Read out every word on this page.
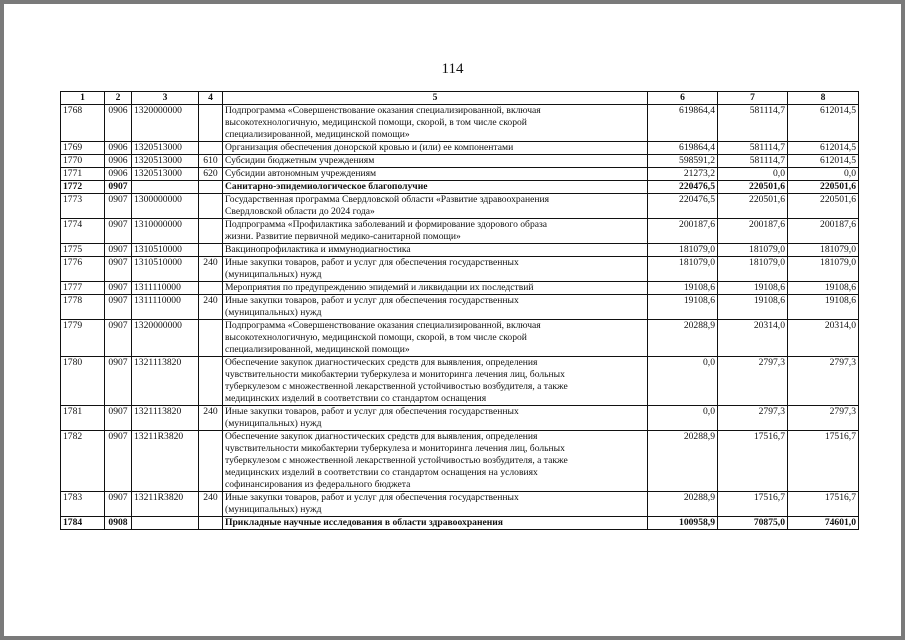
114
1	2	3	4	5	6	7	8
1768	0906	1320000000		Подпрограмма «Совершенствование оказания специализированной, включая
высокотехнологичную, медицинской помощи, скорой, в том числе скорой
специализированной, медицинской помощи»	619864,4	581114,7	612014,5
1769	0906	1320513000		Организация обеспечения донорской кровью и (или) ее компонентами	619864,4	581114,7	612014,5
1770	0906	1320513000	610	Субсидии бюджетным учреждениям	598591,2	581114,7	612014,5
1771	0906	1320513000	620	Субсидии автономным учреждениям	21273,2	0,0	0,0
1772	0907			Санитарно-эпидемиологическое благополучие	220476,5	220501,6	220501,6
1773	0907	1300000000		Государственная программа Свердловской области «Развитие здравоохранения
Свердловской области до 2024 года»	220476,5	220501,6	220501,6
1774	0907	1310000000		Подпрограмма «Профилактика заболеваний и формирование здорового образа
жизни. Развитие первичной медико-санитарной помощи»	200187,6	200187,6	200187,6
1775	0907	1310510000		Вакцинопрофилактика и иммунодиагностика	181079,0	181079,0	181079,0
1776	0907	1310510000	240	Иные закупки товаров, работ и услуг для обеспечения государственных
(муниципальных) нужд	181079,0	181079,0	181079,0
1777	0907	1311110000		Мероприятия по предупреждению эпидемий и ликвидации их последствий	19108,6	19108,6	19108,6
1778	0907	1311110000	240	Иные закупки товаров, работ и услуг для обеспечения государственных
(муниципальных) нужд	19108,6	19108,6	19108,6
1779	0907	1320000000		Подпрограмма «Совершенствование оказания специализированной, включая
высокотехнологичную, медицинской помощи, скорой, в том числе скорой
специализированной, медицинской помощи»	20288,9	20314,0	20314,0
1780	0907	1321113820		Обеспечение закупок диагностических средств для выявления, определения
чувствительности микобактерии туберкулеза и мониторинга лечения лиц, больных
туберкулезом с множественной лекарственной устойчивостью возбудителя, а также
медицинских изделий в соответствии со стандартом оснащения	0,0	2797,3	2797,3
1781	0907	1321113820	240	Иные закупки товаров, работ и услуг для обеспечения государственных
(муниципальных) нужд	0,0	2797,3	2797,3
1782	0907	13211R3820		Обеспечение закупок диагностических средств для выявления, определения
чувствительности микобактерии туберкулеза и мониторинга лечения лиц, больных
туберкулезом с множественной лекарственной устойчивостью возбудителя, а также
медицинских изделий в соответствии со стандартом оснащения на условиях
софинансирования из федерального бюджета	20288,9	17516,7	17516,7
1783	0907	13211R3820	240	Иные закупки товаров, работ и услуг для обеспечения государственных
(муниципальных) нужд	20288,9	17516,7	17516,7
1784	0908			Прикладные научные исследования в области здравоохранения	100958,9	70875,0	74601,0
